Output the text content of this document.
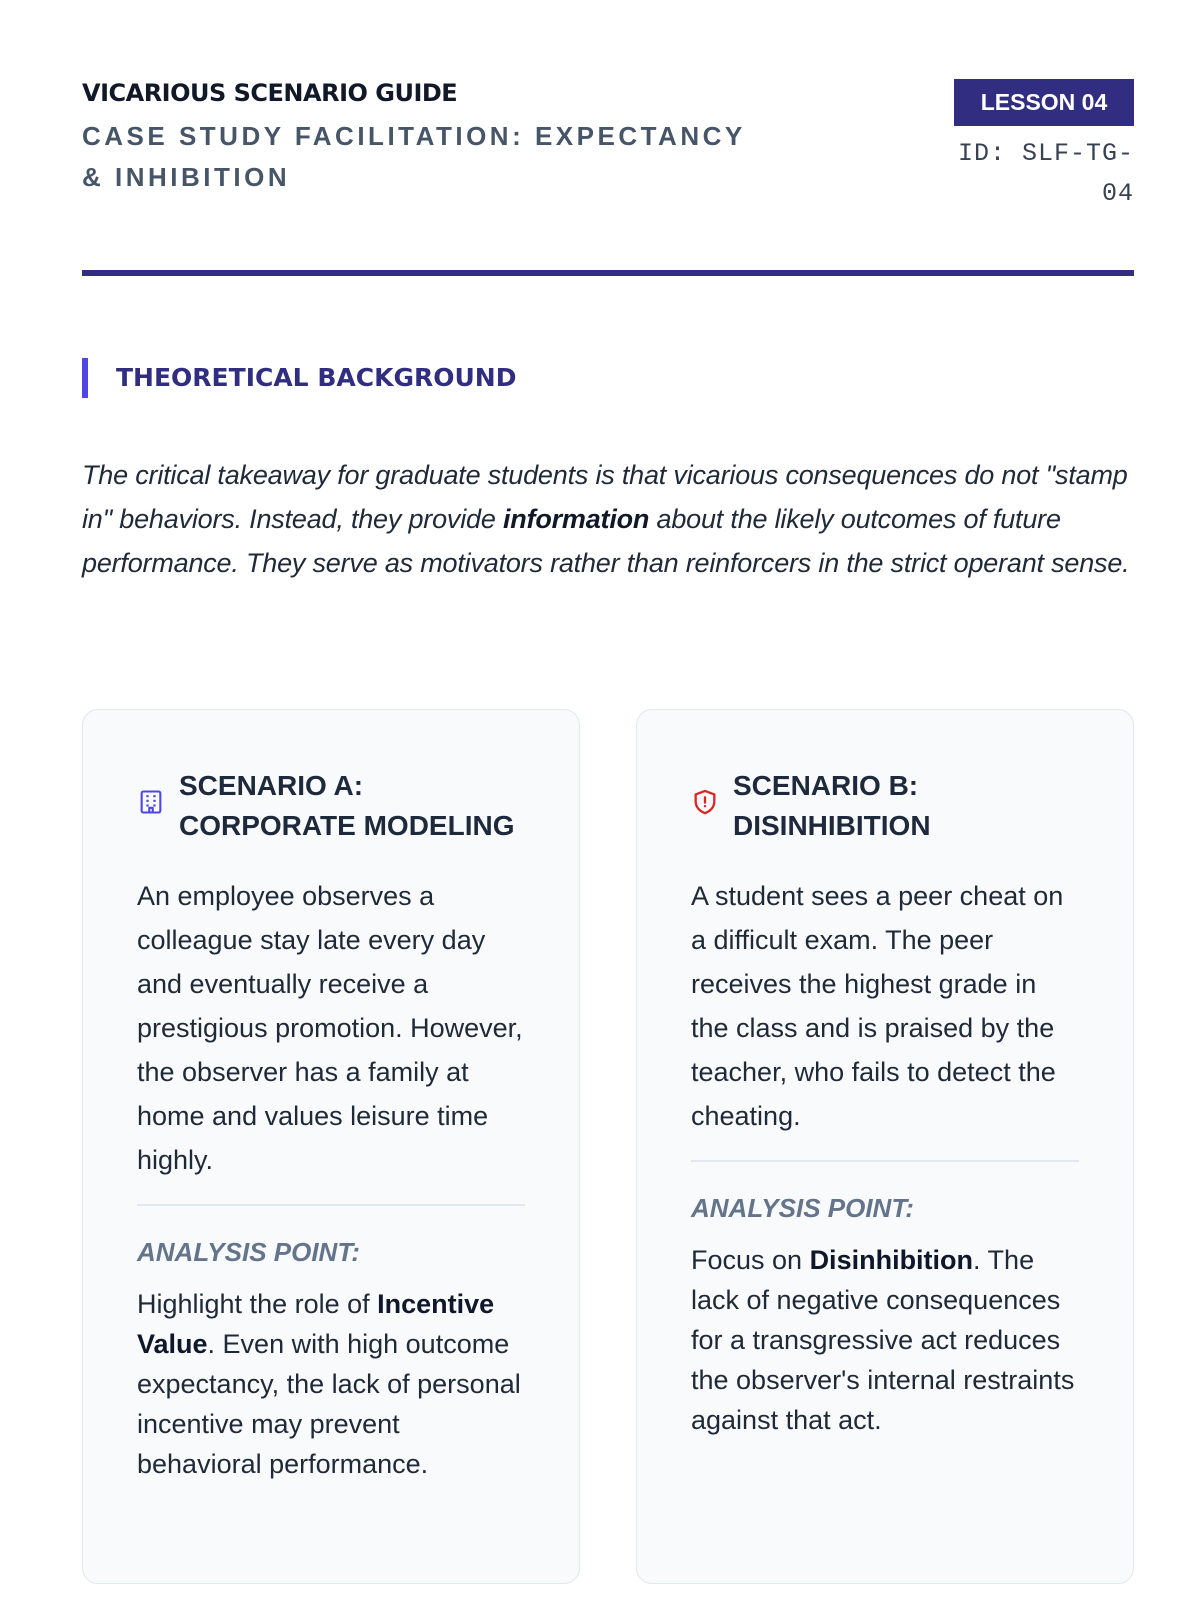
VICARIOUS SCENARIO GUIDE
CASE STUDY FACILITATION: EXPECTANCY & INHIBITION
LESSON 04
ID: SLF-TG-04
THEORETICAL BACKGROUND

The critical takeaway for graduate students is that vicarious consequences do not "stamp in" behaviors. Instead, they provide information about the likely outcomes of future performance. They serve as motivators rather than reinforcers in the strict operant sense.

SCENARIO A: CORPORATE MODELING
An employee observes a colleague stay late every day and eventually receive a prestigious promotion. However, the observer has a family at home and values leisure time highly.
ANALYSIS POINT:
Highlight the role of Incentive Value. Even with high outcome expectancy, the lack of personal incentive may prevent behavioral performance.
SCENARIO B: DISINHIBITION
A student sees a peer cheat on a difficult exam. The peer receives the highest grade in the class and is praised by the teacher, who fails to detect the cheating.
ANALYSIS POINT:
Focus on Disinhibition. The lack of negative consequences for a transgressive act reduces the observer's internal restraints against that act.
